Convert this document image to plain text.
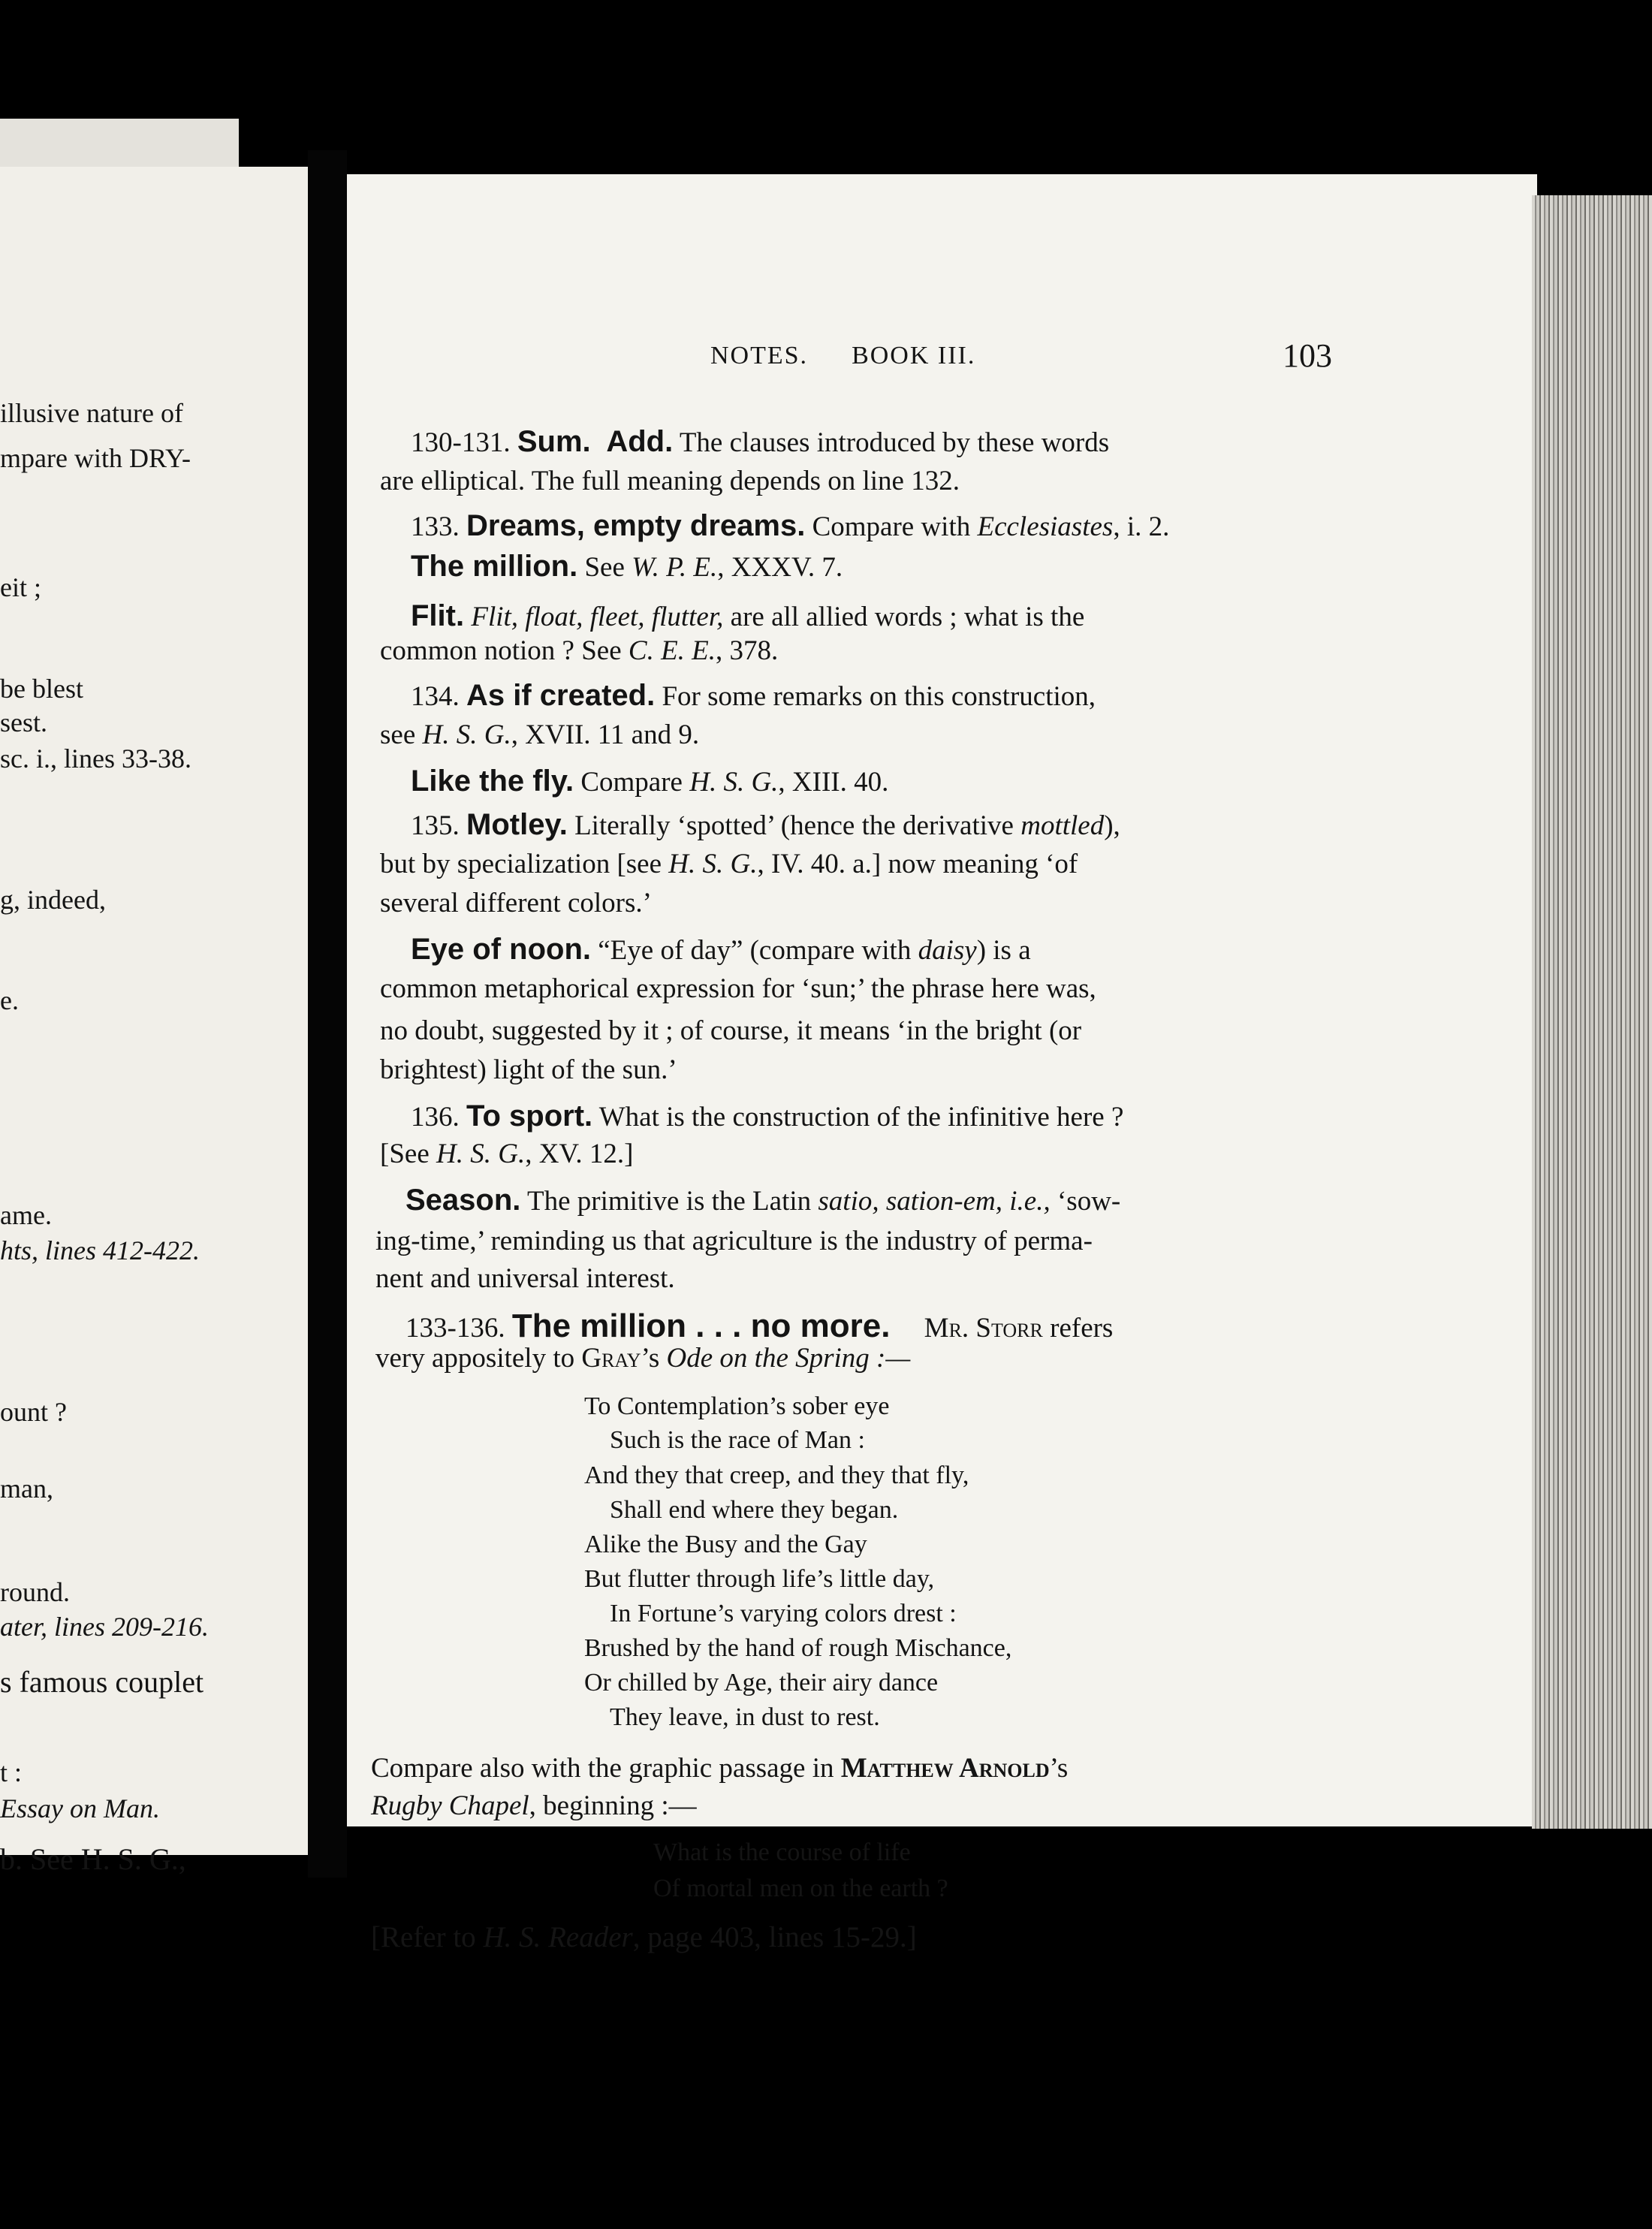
illusive nature of
mpare with DRY-
eit ;
be blest
sest.
sc. i., lines 33-38.
g, indeed,
e.
ame.
hts, lines 412-422.
ount ?
man,
round.
ater, lines 209-216.
s famous couplet
t :
Essay on Man.
b. See H. S. G.,
NOTES. BOOK III.	103
130-131. Sum.  Add. The clauses introduced by these words
are elliptical. The full meaning depends on line 132.
133. Dreams, empty dreams. Compare with Ecclesiastes, i. 2.
The million. See W. P. E., XXXV. 7.
Flit. Flit, float, fleet, flutter, are all allied words ; what is the
common notion ? See C. E. E., 378.
134. As if created. For some remarks on this construction,
see H. S. G., XVII. 11 and 9.
Like the fly. Compare H. S. G., XIII. 40.
135. Motley. Literally ‘spotted’ (hence the derivative mottled),
but by specialization [see H. S. G., IV. 40. a.] now meaning ‘of
several different colors.’
Eye of noon. “Eye of day” (compare with daisy) is a
common metaphorical expression for ‘sun;’ the phrase here was,
no doubt, suggested by it ; of course, it means ‘in the bright (or
brightest) light of the sun.’
136. To sport. What is the construction of the infinitive here ?
[See H. S. G., XV. 12.]
Season. The primitive is the Latin satio, sation-em, i.e., ‘sow-
ing-time,’ reminding us that agriculture is the industry of perma-
nent and universal interest.
133-136. The million . . . no more. Mr. Storr refers
very appositely to Gray’s Ode on the Spring :—
To Contemplation’s sober eye
Such is the race of Man :
And they that creep, and they that fly,
Shall end where they began.
Alike the Busy and the Gay
But flutter through life’s little day,
In Fortune’s varying colors drest :
Brushed by the hand of rough Mischance,
Or chilled by Age, their airy dance
They leave, in dust to rest.
Compare also with the graphic passage in Matthew Arnold’s
Rugby Chapel, beginning :—
What is the course of life
Of mortal men on the earth ?
[Refer to H. S. Reader, page 403, lines 15-29.]
